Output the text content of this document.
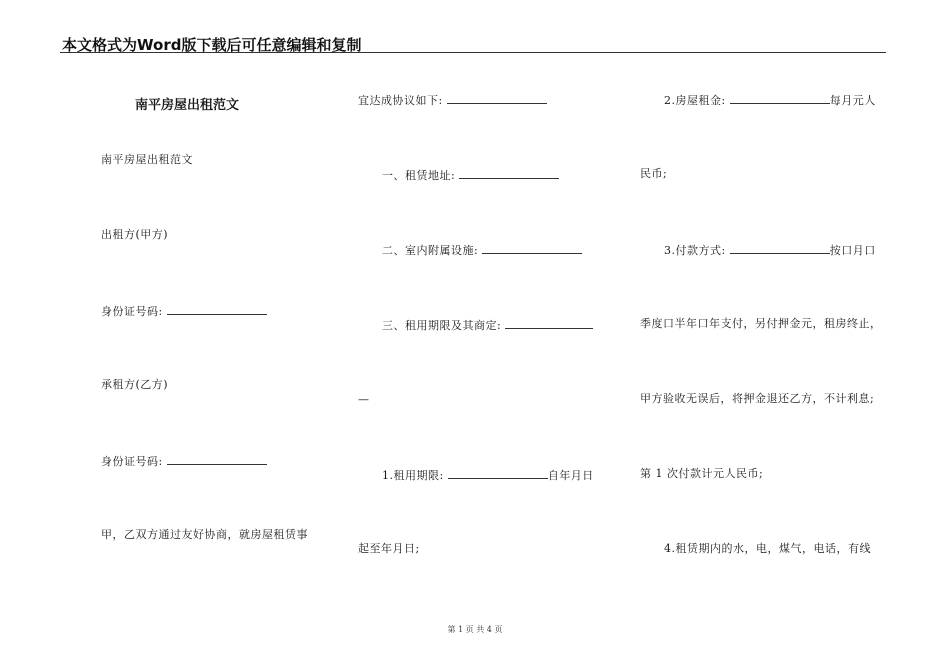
本文格式为Word版下载后可任意编辑和复制
南平房屋出租范文
南平房屋出租范文
出租方(甲方)
身份证号码:
承租方(乙方)
身份证号码:
甲，乙双方通过友好协商，就房屋租赁事
宜达成协议如下:
一、租赁地址:
二、室内附属设施:
三、租用期限及其商定:
—
1.租用期限:	自年月日
起至年月日;
2.房屋租金:	每月元人
民币;
3.付款方式:	按口月口
季度口半年口年支付，另付押金元，租房终止，
甲方验收无误后，将押金退还乙方，不计利息;
第 1 次付款计元人民币;
4.租赁期内的水，电，煤气，电话，有线
第 1 页 共 4 页
